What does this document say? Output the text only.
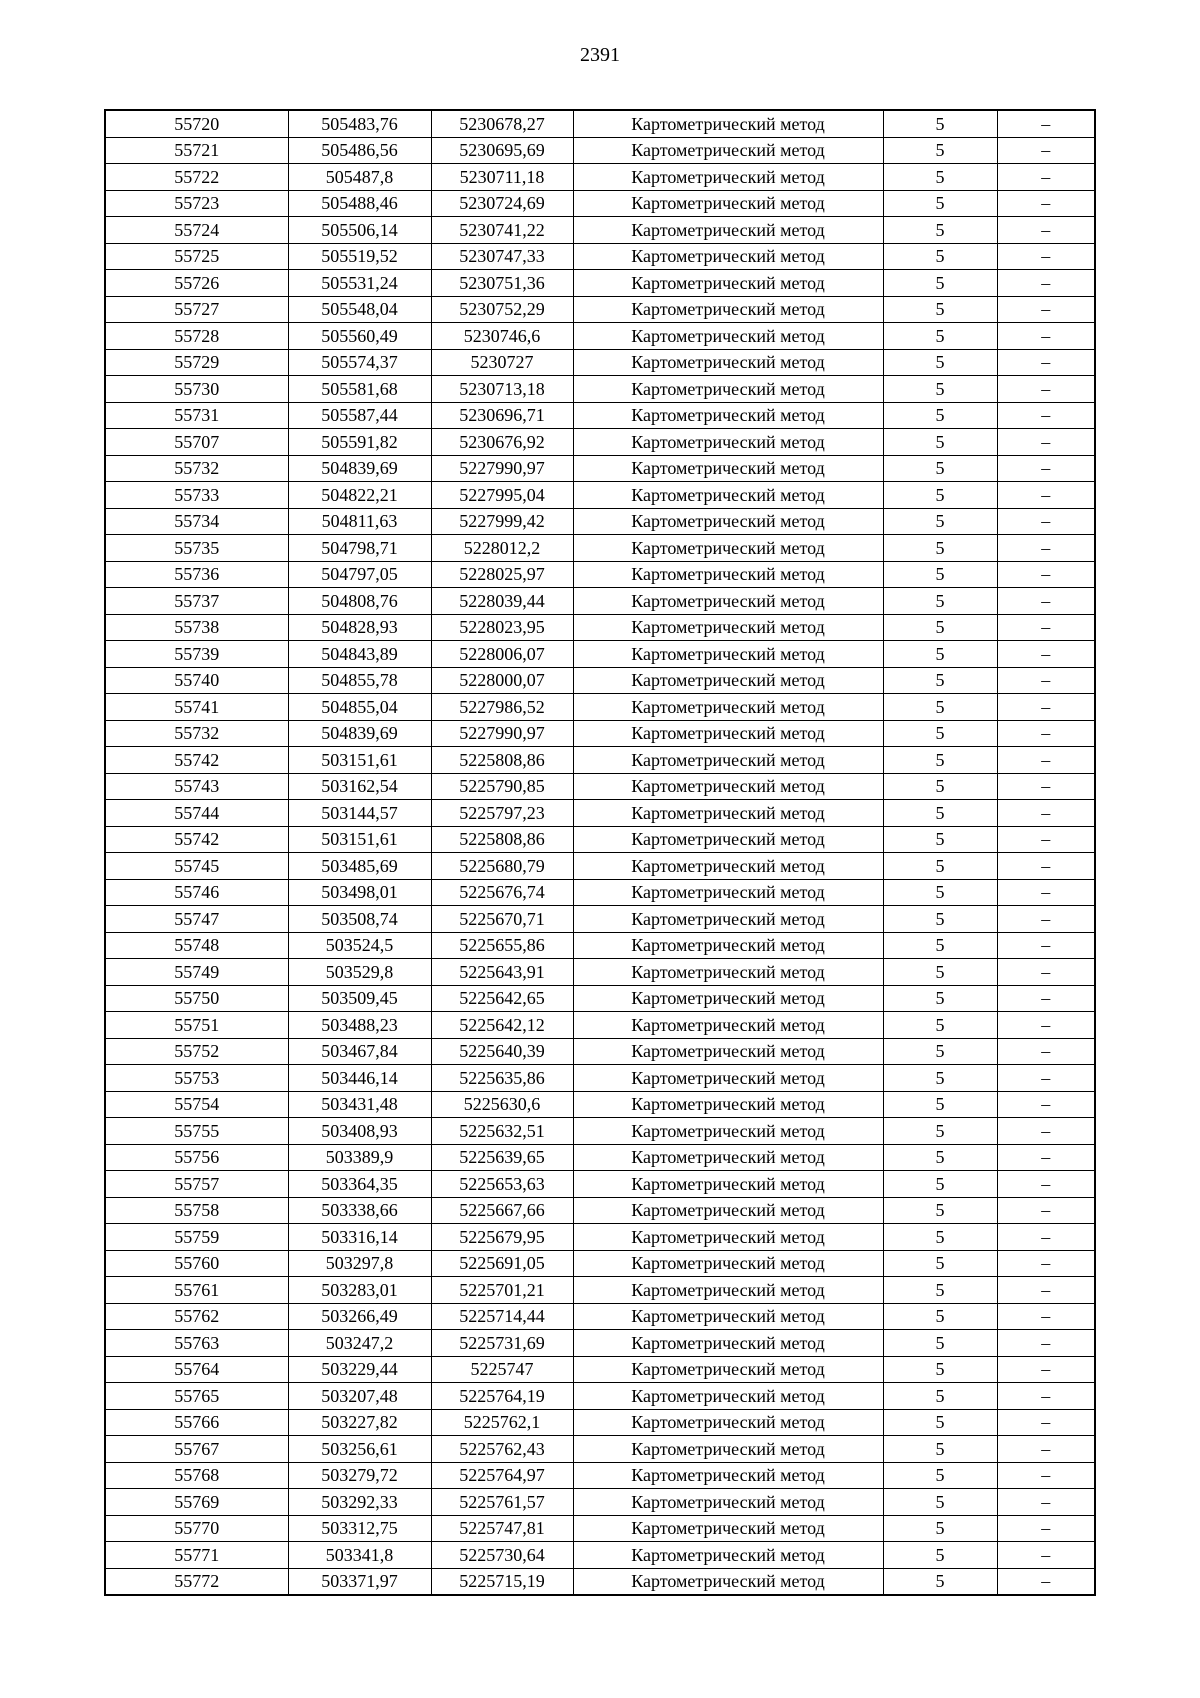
2391
55720	505483,76	5230678,27	Картометрический метод	5	–
55721	505486,56	5230695,69	Картометрический метод	5	–
55722	505487,8	5230711,18	Картометрический метод	5	–
55723	505488,46	5230724,69	Картометрический метод	5	–
55724	505506,14	5230741,22	Картометрический метод	5	–
55725	505519,52	5230747,33	Картометрический метод	5	–
55726	505531,24	5230751,36	Картометрический метод	5	–
55727	505548,04	5230752,29	Картометрический метод	5	–
55728	505560,49	5230746,6	Картометрический метод	5	–
55729	505574,37	5230727	Картометрический метод	5	–
55730	505581,68	5230713,18	Картометрический метод	5	–
55731	505587,44	5230696,71	Картометрический метод	5	–
55707	505591,82	5230676,92	Картометрический метод	5	–
55732	504839,69	5227990,97	Картометрический метод	5	–
55733	504822,21	5227995,04	Картометрический метод	5	–
55734	504811,63	5227999,42	Картометрический метод	5	–
55735	504798,71	5228012,2	Картометрический метод	5	–
55736	504797,05	5228025,97	Картометрический метод	5	–
55737	504808,76	5228039,44	Картометрический метод	5	–
55738	504828,93	5228023,95	Картометрический метод	5	–
55739	504843,89	5228006,07	Картометрический метод	5	–
55740	504855,78	5228000,07	Картометрический метод	5	–
55741	504855,04	5227986,52	Картометрический метод	5	–
55732	504839,69	5227990,97	Картометрический метод	5	–
55742	503151,61	5225808,86	Картометрический метод	5	–
55743	503162,54	5225790,85	Картометрический метод	5	–
55744	503144,57	5225797,23	Картометрический метод	5	–
55742	503151,61	5225808,86	Картометрический метод	5	–
55745	503485,69	5225680,79	Картометрический метод	5	–
55746	503498,01	5225676,74	Картометрический метод	5	–
55747	503508,74	5225670,71	Картометрический метод	5	–
55748	503524,5	5225655,86	Картометрический метод	5	–
55749	503529,8	5225643,91	Картометрический метод	5	–
55750	503509,45	5225642,65	Картометрический метод	5	–
55751	503488,23	5225642,12	Картометрический метод	5	–
55752	503467,84	5225640,39	Картометрический метод	5	–
55753	503446,14	5225635,86	Картометрический метод	5	–
55754	503431,48	5225630,6	Картометрический метод	5	–
55755	503408,93	5225632,51	Картометрический метод	5	–
55756	503389,9	5225639,65	Картометрический метод	5	–
55757	503364,35	5225653,63	Картометрический метод	5	–
55758	503338,66	5225667,66	Картометрический метод	5	–
55759	503316,14	5225679,95	Картометрический метод	5	–
55760	503297,8	5225691,05	Картометрический метод	5	–
55761	503283,01	5225701,21	Картометрический метод	5	–
55762	503266,49	5225714,44	Картометрический метод	5	–
55763	503247,2	5225731,69	Картометрический метод	5	–
55764	503229,44	5225747	Картометрический метод	5	–
55765	503207,48	5225764,19	Картометрический метод	5	–
55766	503227,82	5225762,1	Картометрический метод	5	–
55767	503256,61	5225762,43	Картометрический метод	5	–
55768	503279,72	5225764,97	Картометрический метод	5	–
55769	503292,33	5225761,57	Картометрический метод	5	–
55770	503312,75	5225747,81	Картометрический метод	5	–
55771	503341,8	5225730,64	Картометрический метод	5	–
55772	503371,97	5225715,19	Картометрический метод	5	–
